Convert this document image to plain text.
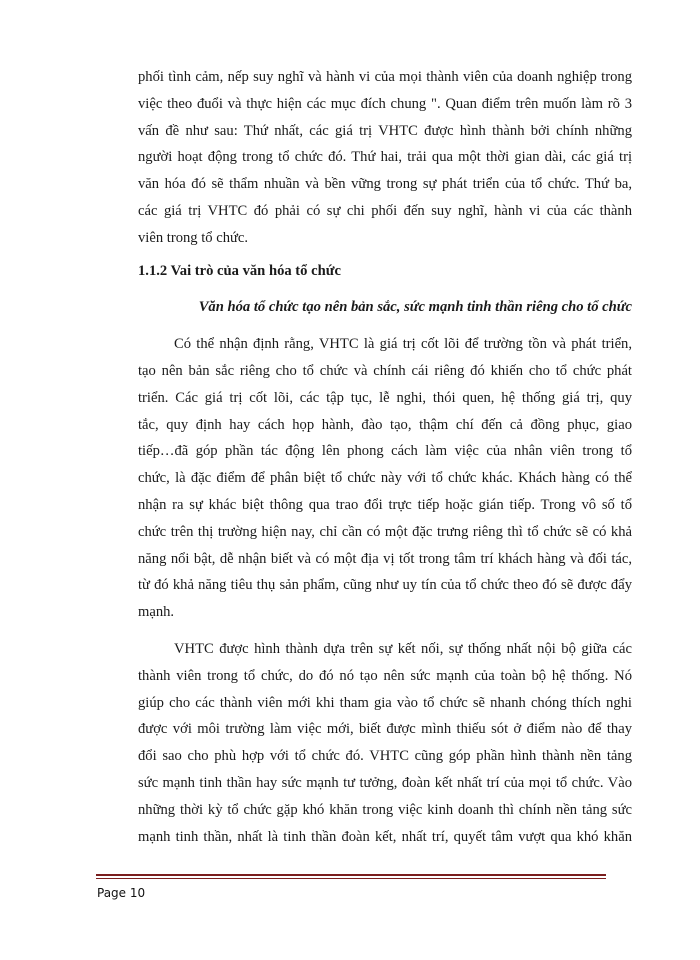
phối tình cảm, nếp suy nghĩ và hành vi của mọi thành viên của doanh nghiệp trong
việc theo đuổi và thực hiện các mục đích chung ". Quan điểm trên muốn làm rõ 3
vấn đề như sau: Thứ nhất, các giá trị VHTC được hình thành bởi chính những
người hoạt động trong tổ chức đó. Thứ hai, trải qua một thời gian dài, các giá trị
văn hóa đó sẽ thẩm nhuần và bền vững trong sự phát triển của tổ chức. Thứ ba,
các giá trị VHTC đó phải có sự chi phối đến suy nghĩ, hành vi của các thành
viên trong tổ chức.
1.1.2 Vai trò của văn hóa tổ chức
Văn hóa tổ chức tạo nên bản sắc, sức mạnh tinh thần riêng cho tổ chức
Có thể nhận định rằng, VHTC là giá trị cốt lõi để trường tồn và phát triển,
tạo nên bản sắc riêng cho tổ chức và chính cái riêng đó khiến cho tổ chức phát
triển. Các giá trị cốt lõi, các tập tục, lễ nghi, thói quen, hệ thống giá trị, quy
tắc, quy định hay cách họp hành, đào tạo, thậm chí đến cả đồng phục, giao
tiếp…đã góp phần tác động lên phong cách làm việc của nhân viên trong tổ
chức, là đặc điểm để phân biệt tổ chức này với tổ chức khác. Khách hàng có thể
nhận ra sự khác biệt thông qua trao đổi trực tiếp hoặc gián tiếp. Trong vô số tổ
chức trên thị trường hiện nay, chỉ cần có một đặc trưng riêng thì tổ chức sẽ có khả
năng nổi bật, dễ nhận biết và có một địa vị tốt trong tâm trí khách hàng và đối tác,
từ đó khả năng tiêu thụ sản phẩm, cũng như uy tín của tổ chức theo đó sẽ được đẩy
mạnh.
VHTC được hình thành dựa trên sự kết nối, sự thống nhất nội bộ giữa các
thành viên trong tổ chức, do đó nó tạo nên sức mạnh của toàn bộ hệ thống. Nó
giúp cho các thành viên mới khi tham gia vào tổ chức sẽ nhanh chóng thích nghi
được với môi trường làm việc mới, biết được mình thiếu sót ở điểm nào để thay
đổi sao cho phù hợp với tổ chức đó. VHTC cũng góp phần hình thành nền tảng
sức mạnh tinh thần hay sức mạnh tư tưởng, đoàn kết nhất trí của mọi tổ chức. Vào
những thời kỳ tổ chức gặp khó khăn trong việc kinh doanh thì chính nền tảng sức
mạnh tinh thần, nhất là tinh thần đoàn kết, nhất trí, quyết tâm vượt qua khó khăn
Page 10
